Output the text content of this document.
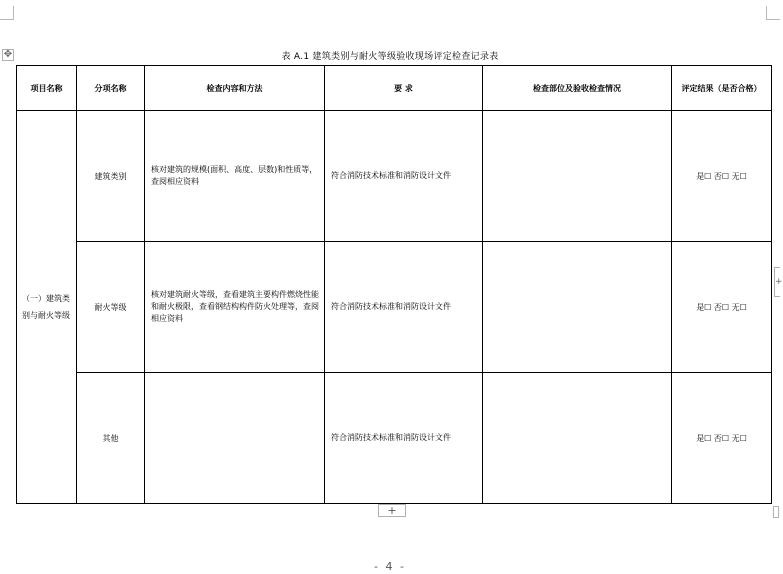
✥	表 A.1 建筑类别与耐火等级验收现场评定检查记录表
项目名称	分项名称	检查内容和方法	要 求	检查部位及验收检查情况	评定结果（是否合格）
（一）建筑类别与耐火等级	建筑类别	核对建筑的规模(面积、高度、层数)和性质等，查阅相应资料	符合消防技术标准和消防设计文件		是☐ 否☐ 无☐
	耐火等级	核对建筑耐火等级，查看建筑主要构件燃烧性能和耐火极限，查看钢结构构件防火处理等，查阅相应资料	符合消防技术标准和消防设计文件		是☐ 否☐ 无☐
	其他		符合消防技术标准和消防设计文件		是☐ 否☐ 无☐
+
+
- 4 -
